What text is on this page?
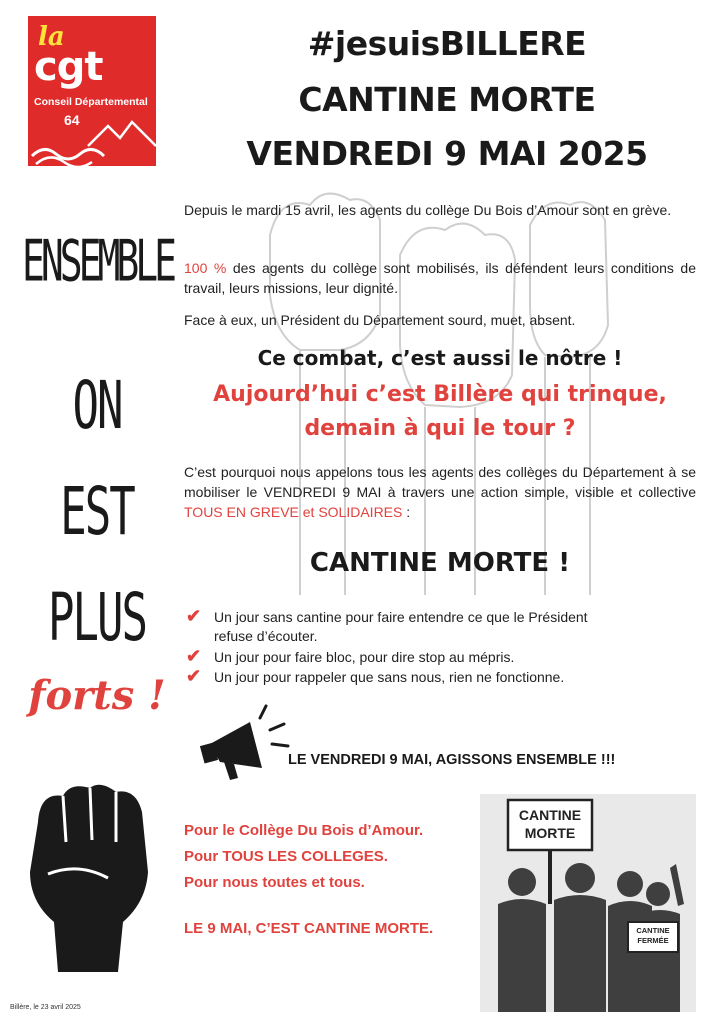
la
cgt
Conseil Départemental
64
#jesuisBILLERE
CANTINE MORTE
VENDREDI 9 MAI 2025
ENSEMBLE
ON
EST
PLUS
forts !
Depuis le mardi 15 avril, les agents du collège Du Bois d’Amour sont en grève.
100 % des agents du collège sont mobilisés, ils défendent leurs conditions de travail, leurs missions, leur dignité.
Face à eux, un Président du Département sourd, muet, absent.
Ce combat, c’est aussi le nôtre !
Aujourd’hui c’est Billère qui trinque,
demain à qui le tour ?
C’est pourquoi nous appelons tous les agents des collèges du Département à se mobiliser le VENDREDI 9 MAI à travers une action simple, visible et collective TOUS EN GREVE et SOLIDAIRES :
CANTINE MORTE !
✔ Un jour sans cantine pour faire entendre ce que le Président
refuse d’écouter.
✔ Un jour pour faire bloc, pour dire stop au mépris.
✔ Un jour pour rappeler que sans nous, rien ne fonctionne.
LE VENDREDI 9 MAI, AGISSONS ENSEMBLE !!!
Pour le Collège Du Bois d’Amour.
Pour TOUS LES COLLEGES.
Pour nous toutes et tous.
LE 9 MAI, C’EST CANTINE MORTE.
CANTINE
MORTE
CANTINE
FERMÉE
Billère, le 23 avril 2025
